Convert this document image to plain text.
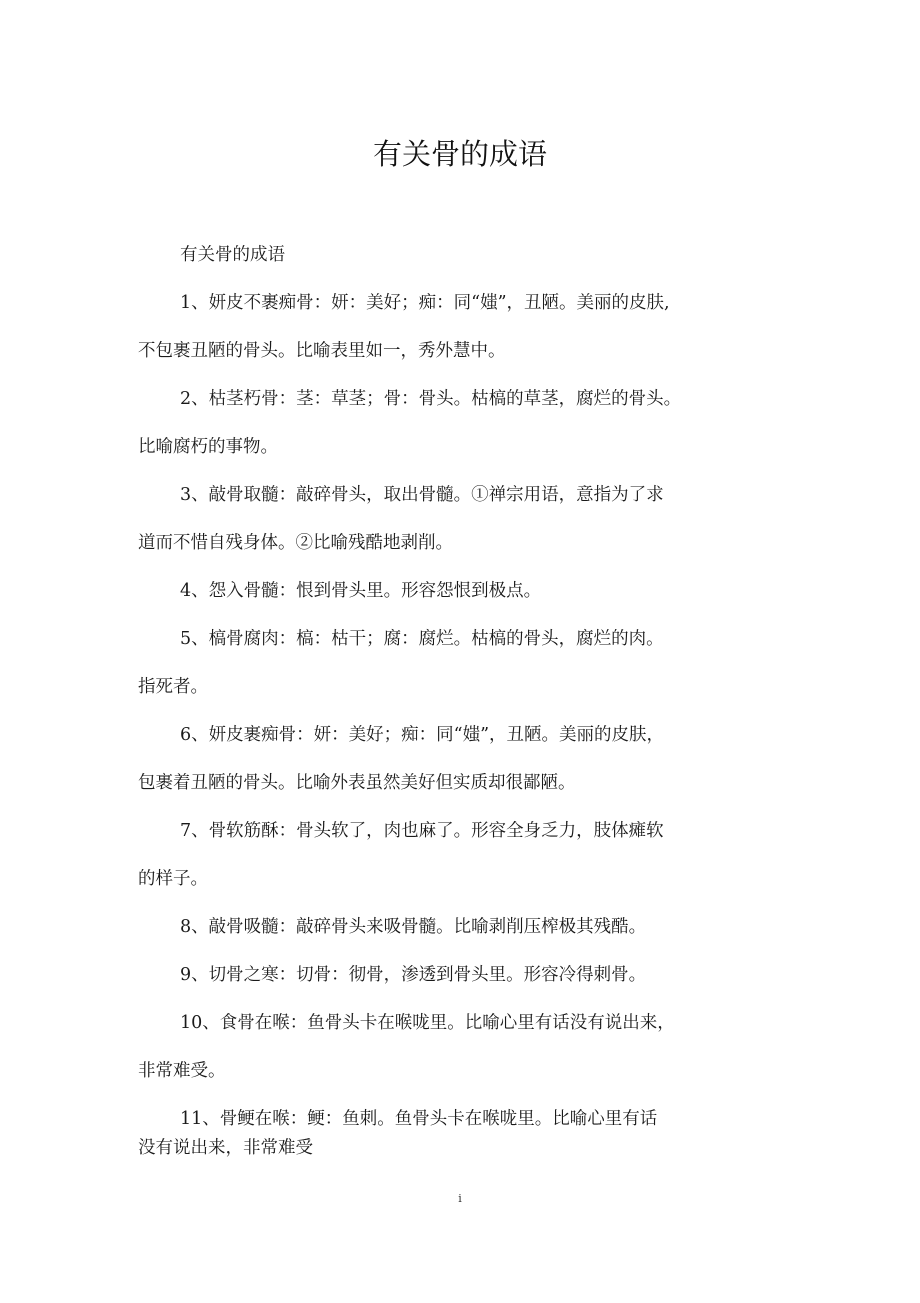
有关骨的成语
有关骨的成语
1、妍皮不裹痴骨：妍：美好；痴：同“媸”，丑陋。美丽的皮肤,
不包裹丑陋的骨头。比喻表里如一，秀外慧中。
2、枯茎朽骨：茎：草茎；骨：骨头。枯槁的草茎，腐烂的骨头。
比喻腐朽的事物。
3、敲骨取髓：敲碎骨头，取出骨髓。①禅宗用语，意指为了求
道而不惜自残身体。②比喻残酷地剥削。
4、怨入骨髓：恨到骨头里。形容怨恨到极点。
5、槁骨腐肉：槁：枯干；腐：腐烂。枯槁的骨头，腐烂的肉。
指死者。
6、妍皮裹痴骨：妍：美好；痴：同“媸”，丑陋。美丽的皮肤，
包裹着丑陋的骨头。比喻外表虽然美好但实质却很鄙陋。
7、骨软筋酥：骨头软了，肉也麻了。形容全身乏力，肢体瘫软
的样子。
8、敲骨吸髓：敲碎骨头来吸骨髓。比喻剥削压榨极其残酷。
9、切骨之寒：切骨：彻骨，渗透到骨头里。形容冷得刺骨。
10、食骨在喉：鱼骨头卡在喉咙里。比喻心里有话没有说出来，
非常难受。
11、骨鲠在喉：鲠：鱼刺。鱼骨头卡在喉咙里。比喻心里有话
没有说出来，非常难受
i
